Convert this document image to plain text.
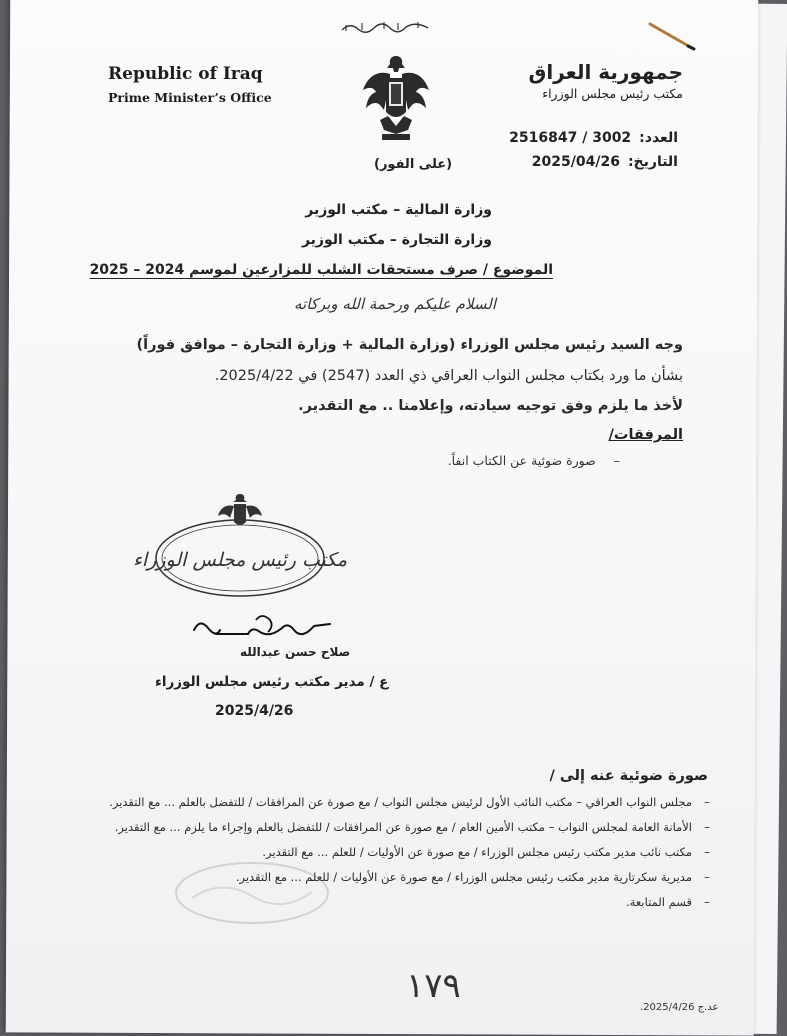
Republic of Iraq
Prime Minister’s Office
جمهورية العراق
مكتب رئيس مجلس الوزراء
العدد:
2516847 / 3002
التاريخ:
2025/04/26
(على الفور)
وزارة المالية – مكتب الوزير
وزارة التجارة – مكتب الوزير
الموضوع / صرف مستحقات الشلب للمزارعين لموسم 2024 – 2025
السلام عليكم ورحمة الله وبركاته
وجه السيد رئيس مجلس الوزراء (وزارة المالية + وزارة التجارة – موافق فوراً)
بشأن ما ورد بكتاب مجلس النواب العراقي ذي العدد (2547) في 2025/4/22.
لأخذ ما يلزم وفق توجيه سيادته، وإعلامنا .. مع التقدير.
المرفقات/
–صورة ضوئية عن الكتاب انفاً.
مكتب رئيس مجلس الوزراء
صلاح حسن عبدالله
ع / مدير مكتب رئيس مجلس الوزراء
2025/4/26
صورة ضوئية عنه إلى /
–مجلس النواب العراقي – مكتب النائب الأول لرئيس مجلس النواب / مع صورة عن المرافقات / للتفضل بالعلم ... مع التقدير.
–الأمانة العامة لمجلس النواب – مكتب الأمين العام / مع صورة عن المرافقات / للتفضل بالعلم وإجراء ما يلزم ... مع التقدير.
–مكتب نائب مدير مكتب رئيس مجلس الوزراء / مع صورة عن الأوليات / للعلم ... مع التقدير.
–مديرية سكرتارية مدير مكتب رئيس مجلس الوزراء / مع صورة عن الأوليات / للعلم ... مع التقدير.
–قسم المتابعة.
١٧٩
عد.ج 2025/4/26.
